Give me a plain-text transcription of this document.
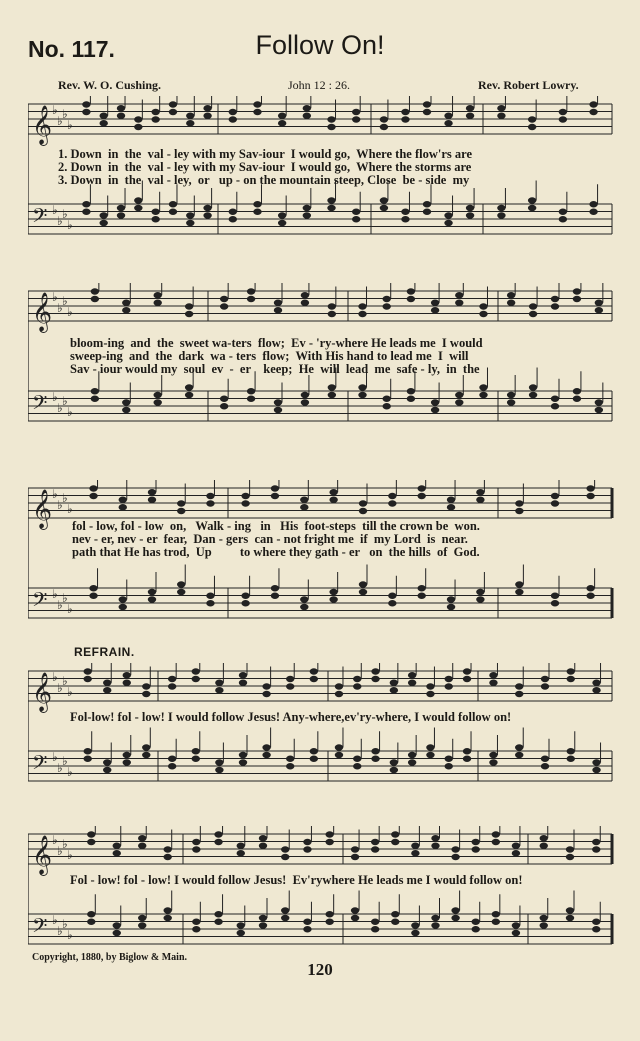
No. 117.	Follow On!
Rev. W. O. Cushing.	John 12 : 26.	Rev. Robert Lowry.
𝄞 ♭
♭ ♭
♭
𝄢 ♭
♭ ♭
♭
1. Down  in  the  val - ley with my Sav-iour  I would go,  Where the flow'rs are
2. Down  in  the  val - ley with my Sav-iour  I would go,  Where the storms are
3. Down  in  the  val - ley,  or   up - on the mountain steep, Close  be - side  my
𝄞 ♭
♭ ♭
♭
𝄢 ♭
♭ ♭
♭
bloom-ing  and  the  sweet wa-ters  flow;  Ev - 'ry-where He leads me  I would
sweep-ing  and  the  dark  wa - ters  flow;  With His hand to lead me  I  will
Sav - iour would my  soul  ev  -  er    keep;  He  will  lead  me  safe - ly,  in  the
𝄞 ♭
♭ ♭
♭
𝄢 ♭
♭ ♭
♭
fol - low, fol - low  on,   Walk - ing   in   His  foot-steps  till the crown be  won.
nev - er, nev - er  fear,  Dan - gers  can - not fright me  if  my Lord  is  near.
path that He has trod,  Up         to where they gath - er   on  the hills  of  God.
REFRAIN.
𝄞 ♭
♭ ♭
♭
𝄢 ♭
♭ ♭
♭
Fol-low! fol - low! I would follow Jesus! Any-where,ev'ry-where, I would follow on!
𝄞 ♭
♭ ♭
♭
𝄢 ♭
♭ ♭
♭
Fol - low! fol - low! I would follow Jesus!  Ev'rywhere He leads me I would follow on!
Copyright, 1880, by Biglow & Main.
120
